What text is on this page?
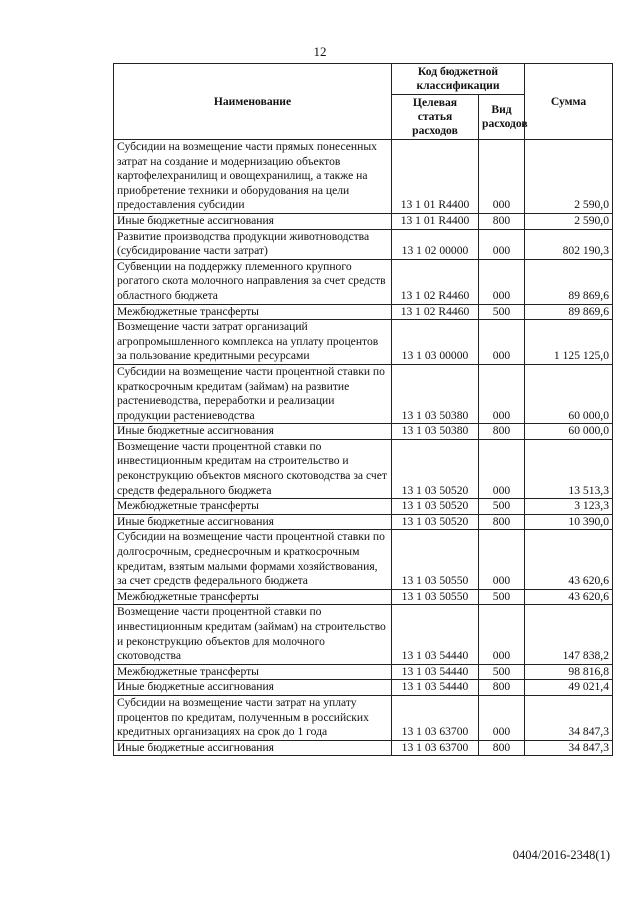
12
Наименование	Код бюджетной классификации		Сумма
	Целевая статья расходов	Вид расходов	
Субсидии на возмещение части прямых понесенных затрат на создание и модернизацию объектов картофелехранилищ и овощехранилищ, а также на приобретение техники и оборудования на цели предоставления субсидии	13 1 01 R4400	000	2 590,0
Иные бюджетные ассигнования	13 1 01 R4400	800	2 590,0
Развитие производства продукции животноводства (субсидирование части затрат)	13 1 02 00000	000	802 190,3
Субвенции на поддержку племенного крупного рогатого скота молочного направления за счет средств областного бюджета	13 1 02 R4460	000	89 869,6
Межбюджетные трансферты	13 1 02 R4460	500	89 869,6
Возмещение части затрат организаций агропромышленного комплекса на уплату процентов за пользование кредитными ресурсами	13 1 03 00000	000	1 125 125,0
Субсидии на возмещение части процентной ставки по краткосрочным кредитам (займам) на развитие растениеводства, переработки и реализации продукции растениеводства	13 1 03 50380	000	60 000,0
Иные бюджетные ассигнования	13 1 03 50380	800	60 000,0
Возмещение части процентной ставки по инвестиционным кредитам на строительство и реконструкцию объектов мясного скотоводства за счет средств федерального бюджета	13 1 03 50520	000	13 513,3
Межбюджетные трансферты	13 1 03 50520	500	3 123,3
Иные бюджетные ассигнования	13 1 03 50520	800	10 390,0
Субсидии на возмещение части процентной ставки по долгосрочным, среднесрочным и краткосрочным кредитам, взятым малыми формами хозяйствования, за счет средств федерального бюджета	13 1 03 50550	000	43 620,6
Межбюджетные трансферты	13 1 03 50550	500	43 620,6
Возмещение части процентной ставки по инвестиционным кредитам (займам) на строительство и реконструкцию объектов для молочного скотоводства	13 1 03 54440	000	147 838,2
Межбюджетные трансферты	13 1 03 54440	500	98 816,8
Иные бюджетные ассигнования	13 1 03 54440	800	49 021,4
Субсидии на возмещение части затрат на уплату процентов по кредитам, полученным в российских кредитных организациях на срок до 1 года	13 1 03 63700	000	34 847,3
Иные бюджетные ассигнования	13 1 03 63700	800	34 847,3
0404/2016-2348(1)
